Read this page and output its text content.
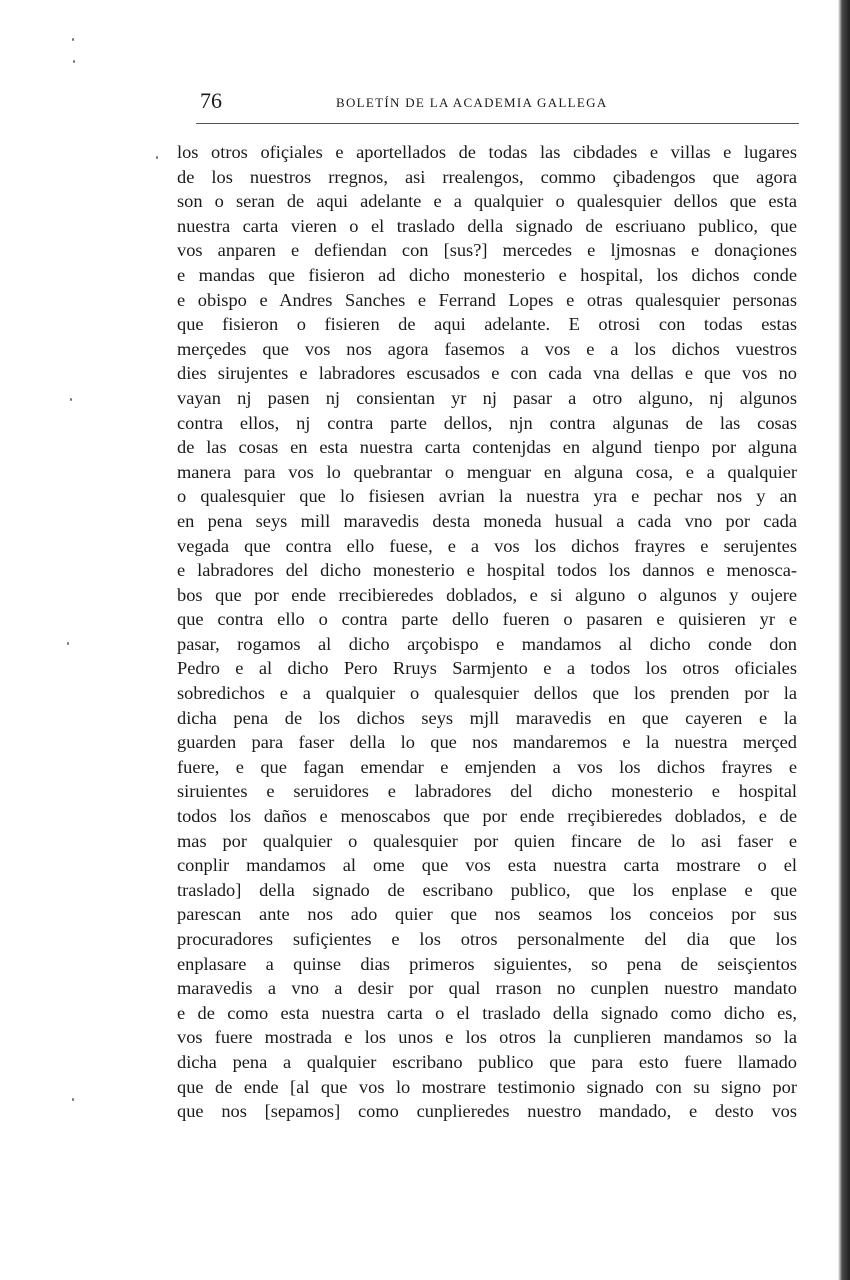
76	BOLETÍN DE LA ACADEMIA GALLEGA
los otros ofiçiales e aportellados de todas las cibdades e villas e lugares
de los nuestros rregnos, asi rrealengos, commo çibadengos que agora
son o seran de aqui adelante e a qualquier o qualesquier dellos que esta
nuestra carta vieren o el traslado della signado de escriuano publico, que
vos anparen e defiendan con [sus?] mercedes e ljmosnas e donaçiones
e mandas que fisieron ad dicho monesterio e hospital, los dichos conde
e obispo e Andres Sanches e Ferrand Lopes e otras qualesquier personas
que fisieron o fisieren de aqui adelante. E otrosi con todas estas
merçedes que vos nos agora fasemos a vos e a los dichos vuestros
dies sirujentes e labradores escusados e con cada vna dellas e que vos no
vayan nj pasen nj consientan yr nj pasar a otro alguno, nj algunos
contra ellos, nj contra parte dellos, njn contra algunas de las cosas
de las cosas en esta nuestra carta contenjdas en algund tienpo por alguna
manera para vos lo quebrantar o menguar en alguna cosa, e a qualquier
o qualesquier que lo fisiesen avrian la nuestra yra e pechar nos y an
en pena seys mill maravedis desta moneda husual a cada vno por cada
vegada que contra ello fuese, e a vos los dichos frayres e serujentes
e labradores del dicho monesterio e hospital todos los dannos e menosca-
bos que por ende rrecibieredes doblados, e si alguno o algunos y oujere
que contra ello o contra parte dello fueren o pasaren e quisieren yr e
pasar, rogamos al dicho arçobispo e mandamos al dicho conde don
Pedro e al dicho Pero Rruys Sarmjento e a todos los otros oficiales
sobredichos e a qualquier o qualesquier dellos que los prenden por la
dicha pena de los dichos seys mjll maravedis en que cayeren e la
guarden para faser della lo que nos mandaremos e la nuestra merçed
fuere, e que fagan emendar e emjenden a vos los dichos frayres e
siruientes e seruidores e labradores del dicho monesterio e hospital
todos los daños e menoscabos que por ende rreçibieredes doblados, e de
mas por qualquier o qualesquier por quien fincare de lo asi faser e
conplir mandamos al ome que vos esta nuestra carta mostrare o el
traslado] della signado de escribano publico, que los enplase e que
parescan ante nos ado quier que nos seamos los conceios por sus
procuradores sufiçientes e los otros personalmente del dia que los
enplasare a quinse dias primeros siguientes, so pena de seisçientos
maravedis a vno a desir por qual rrason no cunplen nuestro mandato
e de como esta nuestra carta o el traslado della signado como dicho es,
vos fuere mostrada e los unos e los otros la cunplieren mandamos so la
dicha pena a qualquier escribano publico que para esto fuere llamado
que de ende [al que vos lo mostrare testimonio signado con su signo por
que nos [sepamos] como cunplieredes nuestro mandado, e desto vos
